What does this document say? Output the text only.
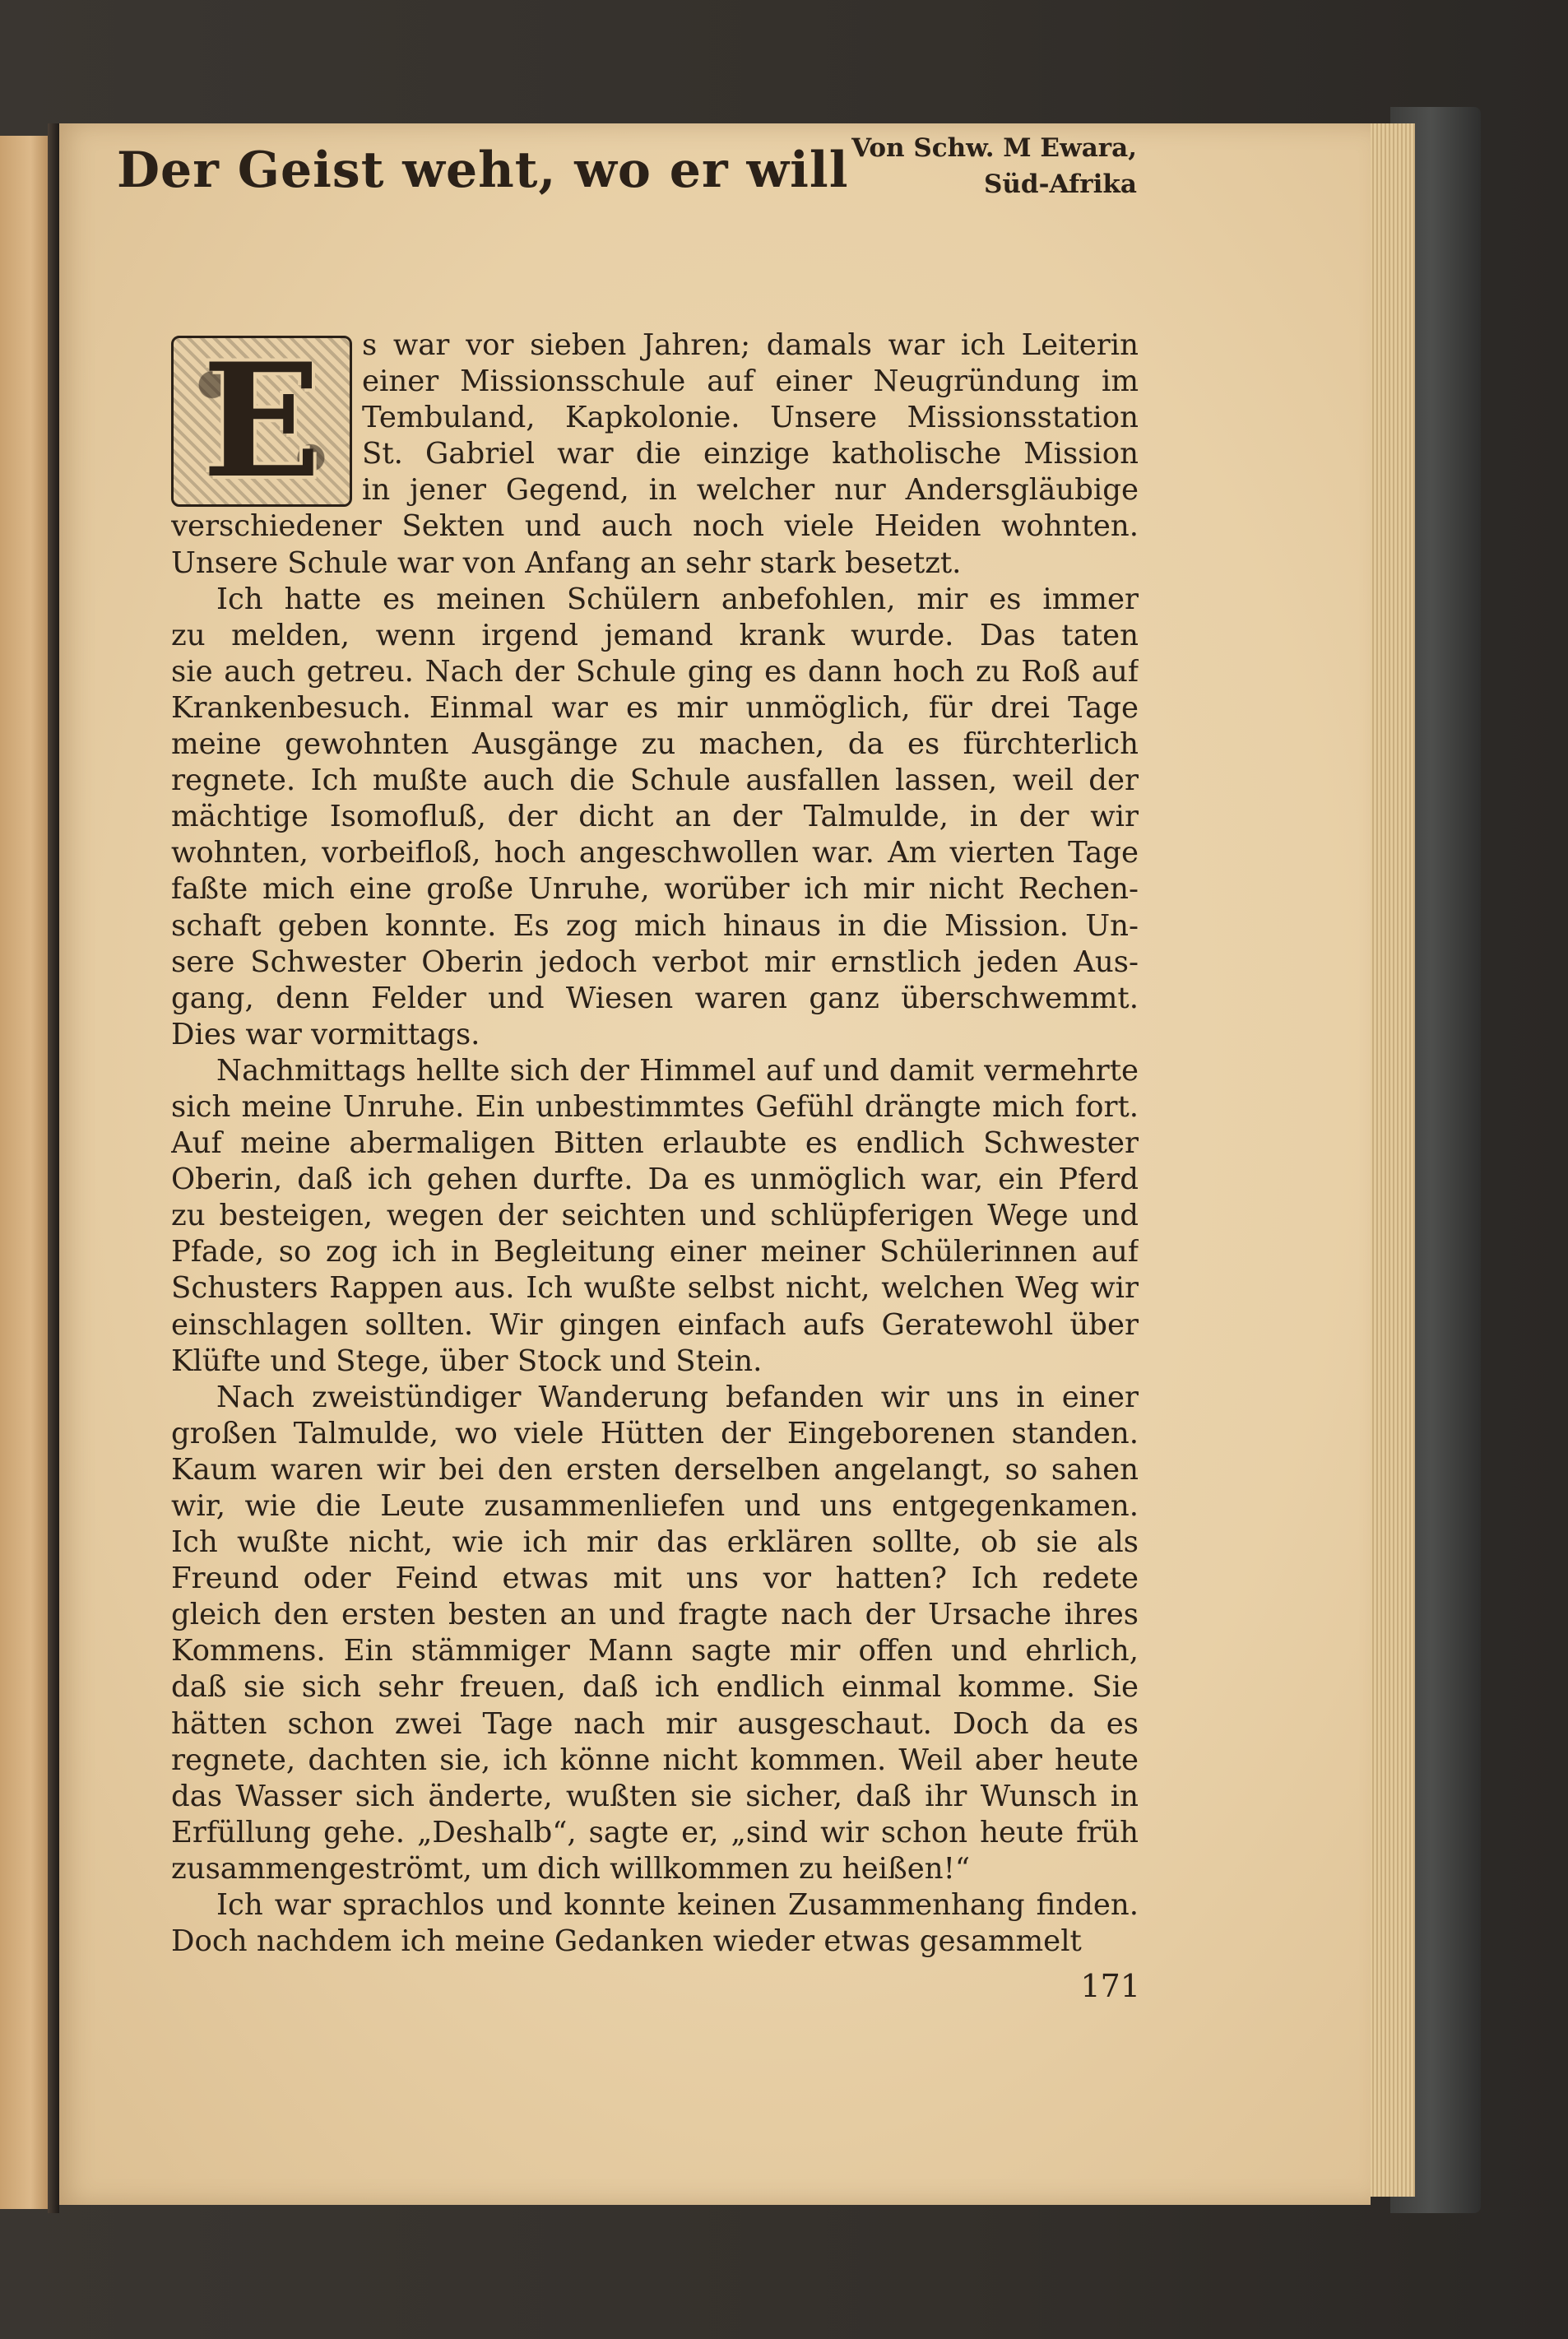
Der Geist weht, wo er will Von Schw. M Ewara,
Süd-Afrika
E	s war vor sieben Jahren; damals war ich Leiterin
einer Missionsschule auf einer Neugründung im
Tembuland, Kapkolonie. Unsere Missionsstation
St. Gabriel war die einzige katholische Mission
in jener Gegend, in welcher nur Andersgläubige
verschiedener Sekten und auch noch viele Heiden wohnten.
Unsere Schule war von Anfang an sehr stark besetzt.
Ich hatte es meinen Schülern anbefohlen, mir es immer
zu melden, wenn irgend jemand krank wurde. Das taten
sie auch getreu. Nach der Schule ging es dann hoch zu Roß auf
Krankenbesuch. Einmal war es mir unmöglich, für drei Tage
meine gewohnten Ausgänge zu machen, da es fürchterlich
regnete. Ich mußte auch die Schule ausfallen lassen, weil der
mächtige Isomofluß, der dicht an der Talmulde, in der wir
wohnten, vorbeifloß, hoch angeschwollen war. Am vierten Tage
faßte mich eine große Unruhe, worüber ich mir nicht Rechen-
schaft geben konnte. Es zog mich hinaus in die Mission. Un-
sere Schwester Oberin jedoch verbot mir ernstlich jeden Aus-
gang, denn Felder und Wiesen waren ganz überschwemmt.
Dies war vormittags.
Nachmittags hellte sich der Himmel auf und damit vermehrte
sich meine Unruhe. Ein unbestimmtes Gefühl drängte mich fort.
Auf meine abermaligen Bitten erlaubte es endlich Schwester
Oberin, daß ich gehen durfte. Da es unmöglich war, ein Pferd
zu besteigen, wegen der seichten und schlüpferigen Wege und
Pfade, so zog ich in Begleitung einer meiner Schülerinnen auf
Schusters Rappen aus. Ich wußte selbst nicht, welchen Weg wir
einschlagen sollten. Wir gingen einfach aufs Geratewohl über
Klüfte und Stege, über Stock und Stein.
Nach zweistündiger Wanderung befanden wir uns in einer
großen Talmulde, wo viele Hütten der Eingeborenen standen.
Kaum waren wir bei den ersten derselben angelangt, so sahen
wir, wie die Leute zusammenliefen und uns entgegenkamen.
Ich wußte nicht, wie ich mir das erklären sollte, ob sie als
Freund oder Feind etwas mit uns vor hatten? Ich redete
gleich den ersten besten an und fragte nach der Ursache ihres
Kommens. Ein stämmiger Mann sagte mir offen und ehrlich,
daß sie sich sehr freuen, daß ich endlich einmal komme. Sie
hätten schon zwei Tage nach mir ausgeschaut. Doch da es
regnete, dachten sie, ich könne nicht kommen. Weil aber heute
das Wasser sich änderte, wußten sie sicher, daß ihr Wunsch in
Erfüllung gehe. „Deshalb“, sagte er, „sind wir schon heute früh
zusammengeströmt, um dich willkommen zu heißen!“
Ich war sprachlos und konnte keinen Zusammenhang finden.
Doch nachdem ich meine Gedanken wieder etwas gesammelt
171
